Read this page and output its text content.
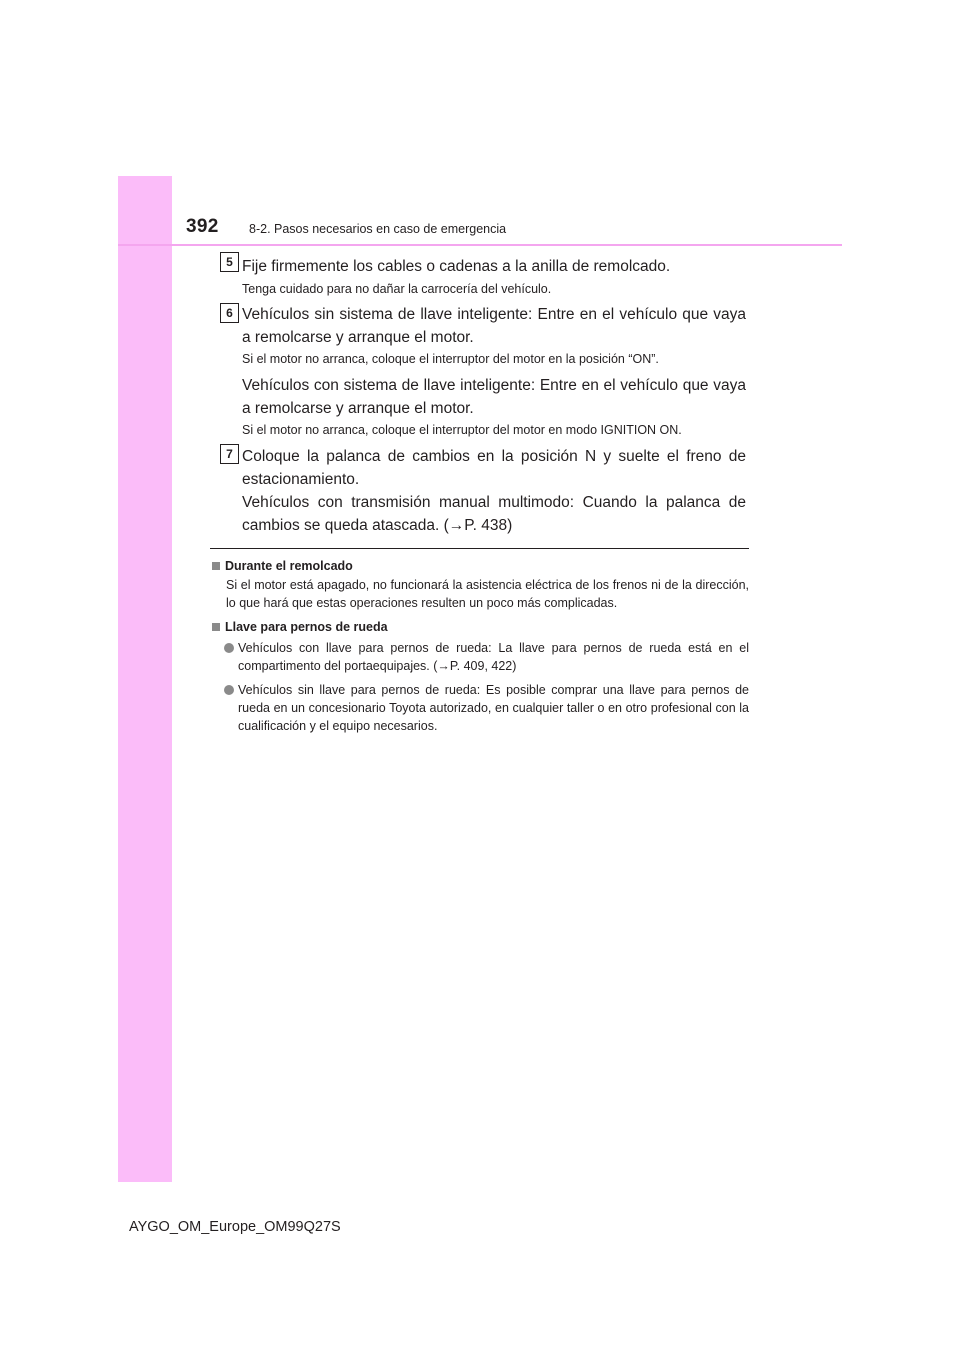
392 8-2. Pasos necesarios en caso de emergencia
5 Fije firmemente los cables o cadenas a la anilla de remolcado.
Tenga cuidado para no dañar la carrocería del vehículo.
6 Vehículos sin sistema de llave inteligente: Entre en el vehículo que vaya a remolcarse y arranque el motor.
Si el motor no arranca, coloque el interruptor del motor en la posición “ON”.
Vehículos con sistema de llave inteligente: Entre en el vehículo que vaya a remolcarse y arranque el motor.
Si el motor no arranca, coloque el interruptor del motor en modo IGNITION ON.
7 Coloque la palanca de cambios en la posición N y suelte el freno de estacionamiento.
Vehículos con transmisión manual multimodo: Cuando la palanca de cambios se queda atascada. (→P. 438)
Durante el remolcado
Si el motor está apagado, no funcionará la asistencia eléctrica de los frenos ni de la dirección, lo que hará que estas operaciones resulten un poco más complicadas.
Llave para pernos de rueda
Vehículos con llave para pernos de rueda: La llave para pernos de rueda está en el compartimento del portaequipajes. (→P. 409, 422)
Vehículos sin llave para pernos de rueda: Es posible comprar una llave para pernos de rueda en un concesionario Toyota autorizado, en cualquier taller o en otro profesional con la cualificación y el equipo necesarios.
AYGO_OM_Europe_OM99Q27S
